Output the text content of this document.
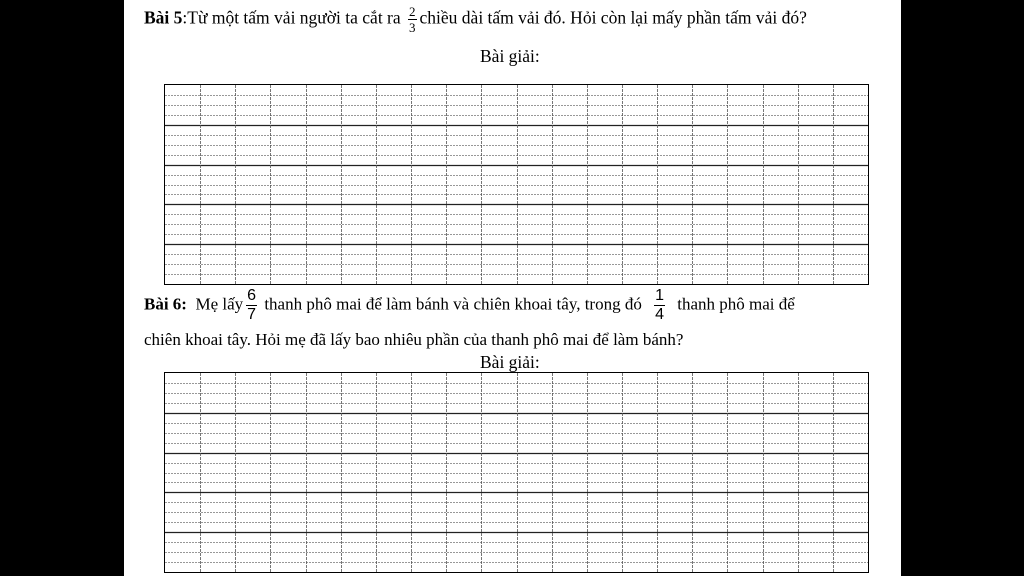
Bài 5:Từ một tấm vải người ta cắt ra $\frac{2}{3}$ chiều dài tấm vải đó. Hỏi còn lại mấy phần tấm vải đó?
Bài giải:
Bài 6: Mẹ lấy $\frac{6}{7}$ thanh phô mai để làm bánh và chiên khoai tây, trong đó $\frac{1}{4}$ thanh phô mai để
chiên khoai tây. Hỏi mẹ đã lấy bao nhiêu phần của thanh phô mai để làm bánh?
Bài giải:
